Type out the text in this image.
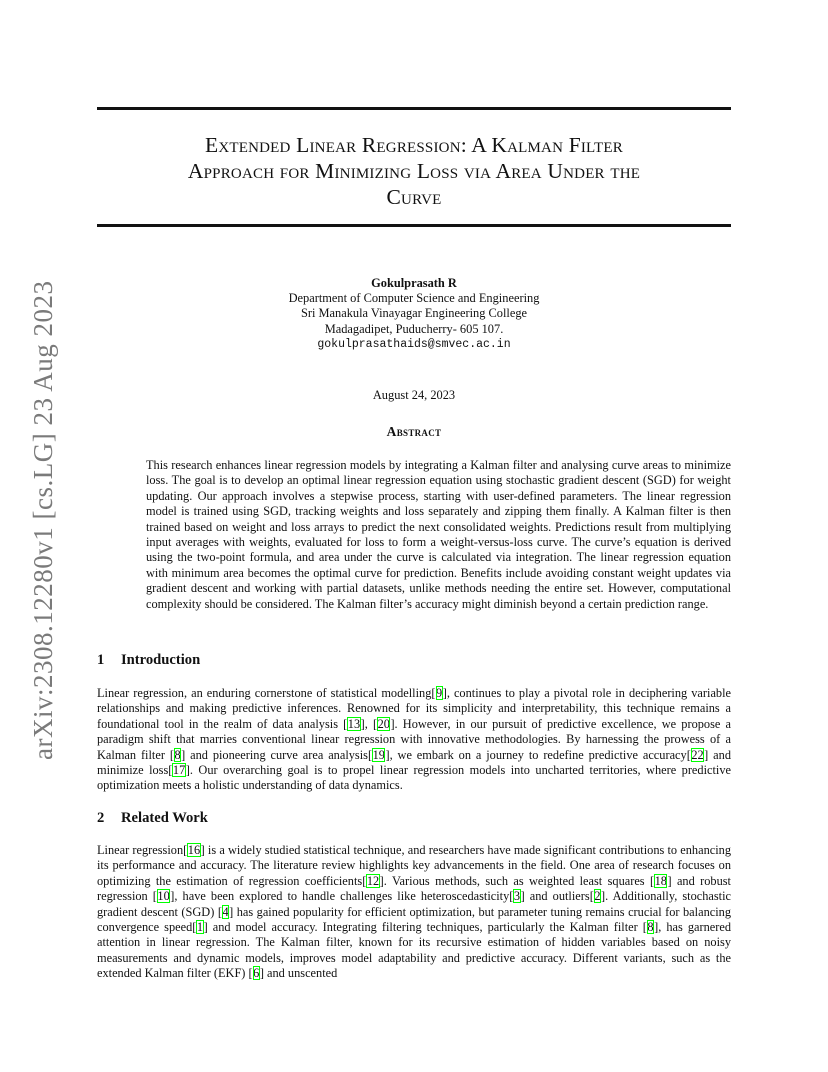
arXiv:2308.12280v1 [cs.LG] 23 Aug 2023
Extended Linear Regression: A Kalman Filter
Approach for Minimizing Loss via Area Under the
Curve
Gokulprasath R
Department of Computer Science and Engineering
Sri Manakula Vinayagar Engineering College
Madagadipet, Puducherry- 605 107.
gokulprasathaids@smvec.ac.in
August 24, 2023
Abstract
This research enhances linear regression models by integrating a Kalman filter and analysing curve areas to minimize loss. The goal is to develop an optimal linear regression equation using stochastic gradient descent (SGD) for weight updating. Our approach involves a stepwise process, starting with user-defined parameters. The linear regression model is trained using SGD, tracking weights and loss separately and zipping them finally. A Kalman filter is then trained based on weight and loss arrays to predict the next consolidated weights. Predictions result from multiplying input averages with weights, evaluated for loss to form a weight-versus-loss curve. The curve’s equation is derived using the two-point formula, and area under the curve is calculated via integration. The linear regression equation with minimum area becomes the optimal curve for prediction. Benefits include avoiding constant weight updates via gradient descent and working with partial datasets, unlike methods needing the entire set. However, computational complexity should be considered. The Kalman filter’s accuracy might diminish beyond a certain prediction range.
1 Introduction
Linear regression, an enduring cornerstone of statistical modelling[9], continues to play a pivotal role in deciphering variable relationships and making predictive inferences. Renowned for its simplicity and interpretability, this technique remains a foundational tool in the realm of data analysis [13], [20]. However, in our pursuit of predictive excellence, we propose a paradigm shift that marries conventional linear regression with innovative methodologies. By harnessing the prowess of a Kalman filter [8] and pioneering curve area analysis[19], we embark on a journey to redefine predictive accuracy[22] and minimize loss[17]. Our overarching goal is to propel linear regression models into uncharted territories, where predictive optimization meets a holistic understanding of data dynamics.
2 Related Work
Linear regression[16] is a widely studied statistical technique, and researchers have made significant contributions to enhancing its performance and accuracy. The literature review highlights key advancements in the field. One area of research focuses on optimizing the estimation of regression coefficients[12]. Various methods, such as weighted least squares [18] and robust regression [10], have been explored to handle challenges like heteroscedasticity[3] and outliers[2]. Additionally, stochastic gradient descent (SGD) [4] has gained popularity for efficient optimization, but parameter tuning remains crucial for balancing convergence speed[1] and model accuracy. Integrating filtering techniques, particularly the Kalman filter [8], has garnered attention in linear regression. The Kalman filter, known for its recursive estimation of hidden variables based on noisy measurements and dynamic models, improves model adaptability and predictive accuracy. Different variants, such as the extended Kalman filter (EKF) [6] and unscented
